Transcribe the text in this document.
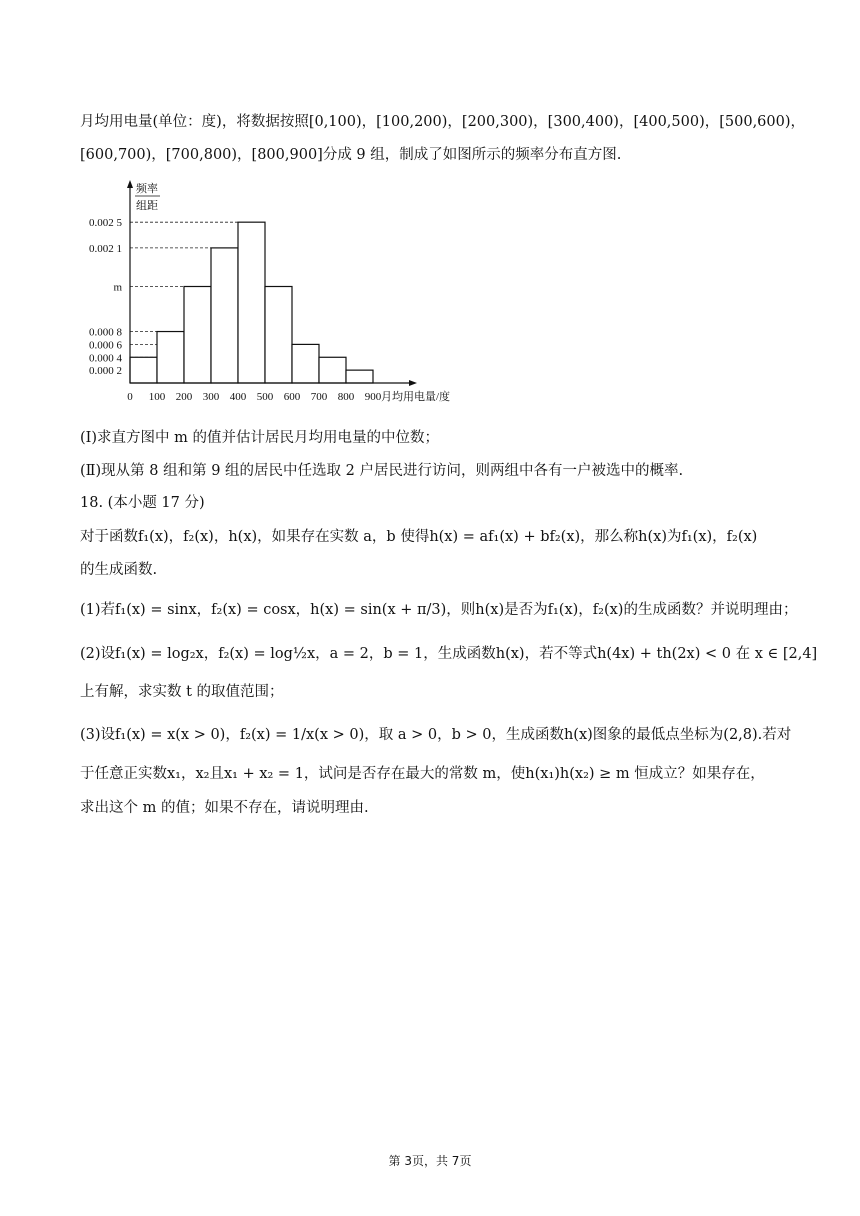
月均用电量(单位：度)，将数据按照[0,100)，[100,200)，[200,300)，[300,400)，[400,500)，[500,600)，
[600,700)，[700,800)，[800,900]分成 9 组，制成了如图所示的频率分布直方图.
0.002 5
0.002 1
m
0.000 8
0.000 6
0.000 4
0.000 2
0 100 200 300 400 500 600 700 800 900 月均用电量/度
频率
组距
(Ⅰ)求直方图中 m 的值并估计居民月均用电量的中位数；
(Ⅱ)现从第 8 组和第 9 组的居民中任选取 2 户居民进行访问，则两组中各有一户被选中的概率.
18. (本小题 17 分)
对于函数f₁(x)，f₂(x)，h(x)，如果存在实数 a，b 使得h(x) = af₁(x) + bf₂(x)，那么称h(x)为f₁(x)，f₂(x)
的生成函数.
(1)若f₁(x) = sinx，f₂(x) = cosx，h(x) = sin(x + π/3)，则h(x)是否为f₁(x)，f₂(x)的生成函数？并说明理由；
(2)设f₁(x) = log₂x，f₂(x) = log½x，a = 2，b = 1，生成函数h(x)，若不等式h(4x) + th(2x) < 0 在 x ∈ [2,4]
上有解，求实数 t 的取值范围；
(3)设f₁(x) = x(x > 0)，f₂(x) = 1/x(x > 0)，取 a > 0，b > 0，生成函数h(x)图象的最低点坐标为(2,8).若对
于任意正实数x₁，x₂且x₁ + x₂ = 1，试问是否存在最大的常数 m，使h(x₁)h(x₂) ≥ m 恒成立？如果存在，
求出这个 m 的值；如果不存在，请说明理由.
第 3页，共 7页
